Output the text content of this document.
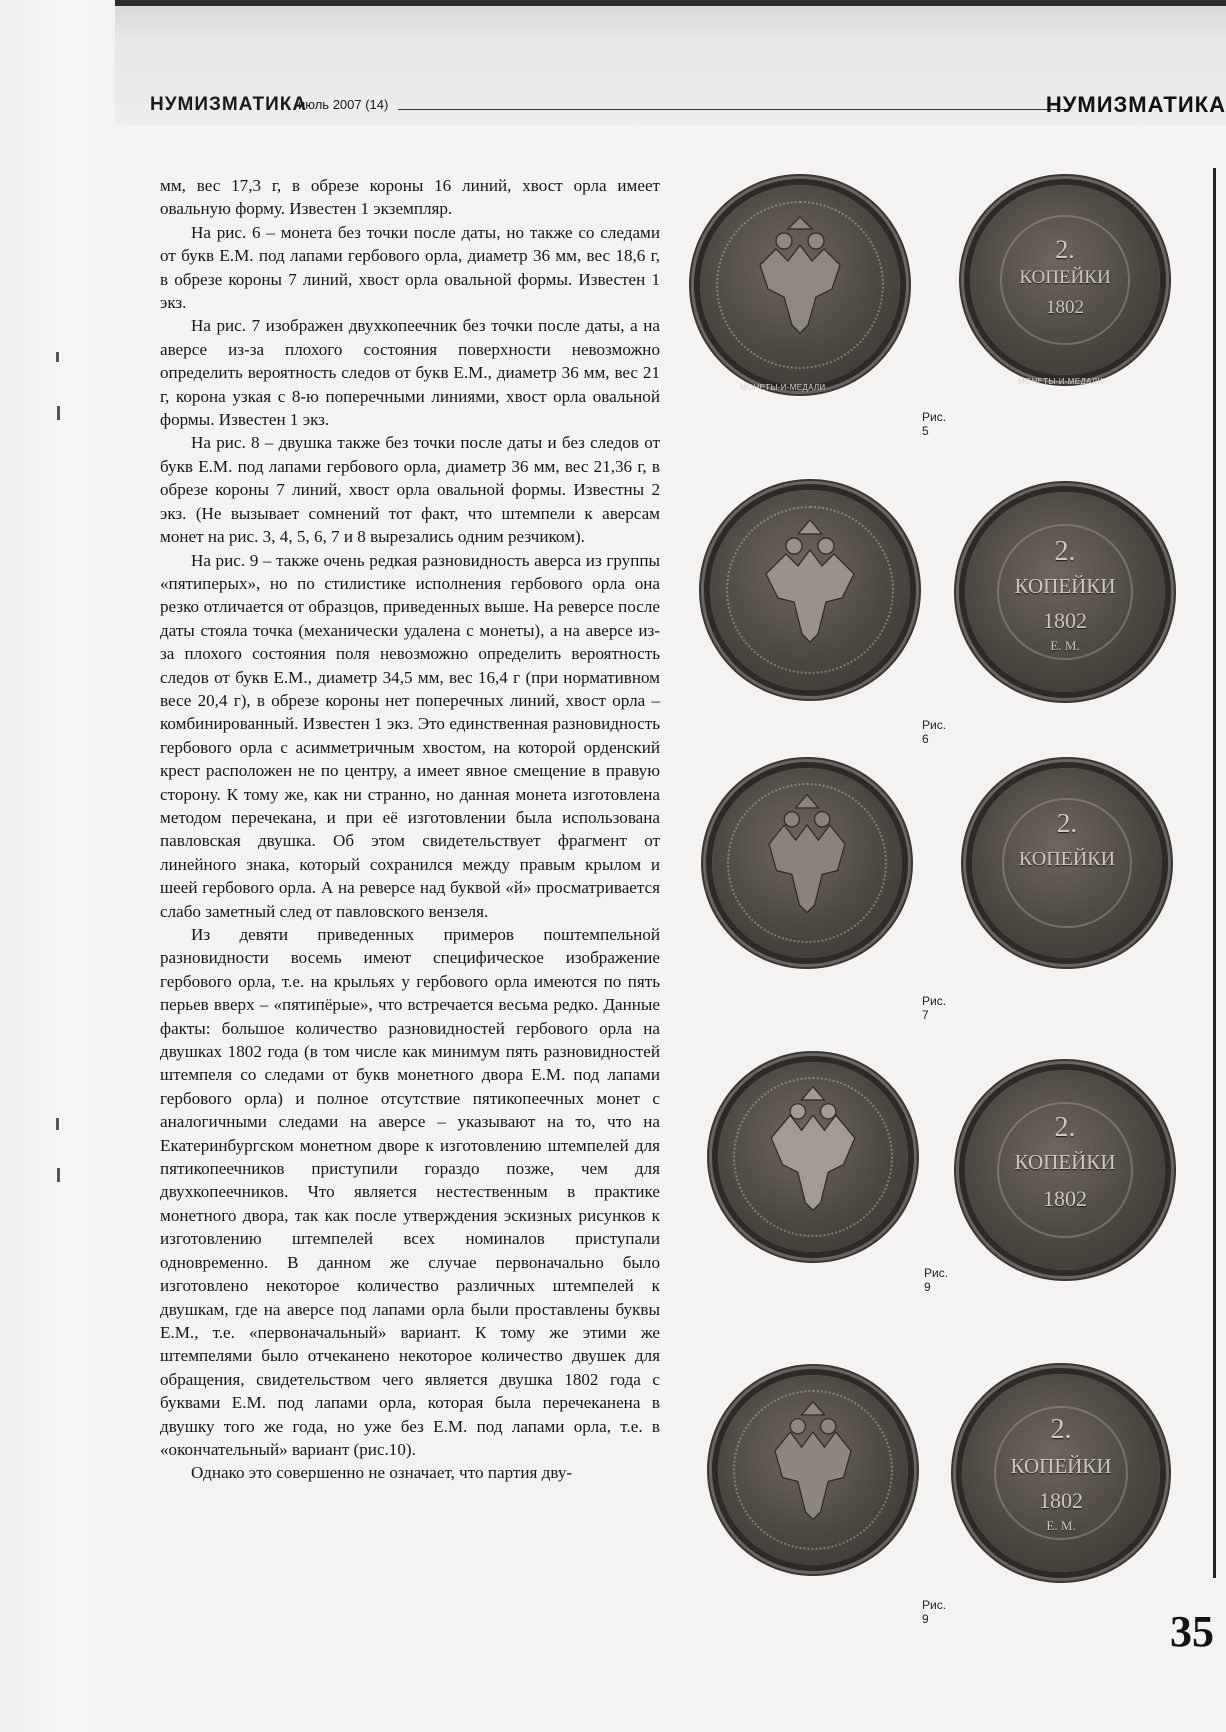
НУМИЗМАТИКА
июль 2007 (14)	НУМИЗМАТИКА

мм, вес 17,3 г, в обрезе короны 16 линий, хвост орла имеет овальную форму. Известен 1 экземпляр.

На рис. 6 – монета без точки после даты, но также со следами от букв Е.М. под лапами гербового орла, диаметр 36 мм, вес 18,6 г, в обрезе короны 7 линий, хвост орла овальной формы. Известен 1 экз.

На рис. 7 изображен двухкопеечник без точки после даты, а на аверсе из-за плохого состояния поверхности невозможно определить вероятность следов от букв Е.М., диаметр 36 мм, вес 21 г, корона узкая с 8-ю поперечными линиями, хвост орла овальной формы. Известен 1 экз.

На рис. 8 – двушка также без точки после даты и без следов от букв Е.М. под лапами гербового орла, диаметр 36 мм, вес 21,36 г, в обрезе короны 7 линий, хвост орла овальной формы. Известны 2 экз. (Не вызывает сомнений тот факт, что штемпели к аверсам монет на рис. 3, 4, 5, 6, 7 и 8 вырезались одним резчиком).

На рис. 9 – также очень редкая разновидность аверса из группы «пятиперых», но по стилистике исполнения гербового орла она резко отличается от образцов, приведенных выше. На реверсе после даты стояла точка (механически удалена с монеты), а на аверсе из-за плохого состояния поля невозможно определить вероятность следов от букв Е.М., диаметр 34,5 мм, вес 16,4 г (при нормативном весе 20,4 г), в обрезе короны нет поперечных линий, хвост орла – комбинированный. Известен 1 экз. Это единственная разновидность гербового орла с асимметричным хвостом, на которой орденский крест расположен не по центру, а имеет явное смещение в правую сторону. К тому же, как ни странно, но данная монета изготовлена методом перечекана, и при её изготовлении была использована павловская двушка. Об этом свидетельствует фрагмент от линейного знака, который сохранился между правым крылом и шеей гербового орла. А на реверсе над буквой «й» просматривается слабо заметный след от павловского вензеля.

Из девяти приведенных примеров поштемпельной разновидности восемь имеют специфическое изображение гербового орла, т.е. на крыльях у гербового орла имеются по пять перьев вверх – «пятипёрые», что встречается весьма редко. Данные факты: большое количество разновидностей гербового орла на двушках 1802 года (в том числе как минимум пять разновидностей штемпеля со следами от букв монетного двора Е.М. под лапами гербового орла) и полное отсутствие пятикопеечных монет с аналогичными следами на аверсе – указывают на то, что на Екатеринбургском монетном дворе к изготовлению штемпелей для пятикопеечников приступили гораздо позже, чем для двухкопеечников. Что является нестественным в практике монетного двора, так как после утверждения эскизных рисунков к изготовлению штемпелей всех номиналов приступали одновременно. В данном же случае первоначально было изготовлено некоторое количество различных штемпелей к двушкам, где на аверсе под лапами орла были проставлены буквы Е.М., т.е. «первоначальный» вариант. К тому же этими же штемпелями было отчеканено некоторое количество двушек для обращения, свидетельством чего является двушка 1802 года с буквами Е.М. под лапами орла, которая была перечеканена в двушку того же года, но уже без Е.М. под лапами орла, т.е. в «окончательный» вариант (рис.10).

Однако это совершенно не означает, что партия дву-

МОНЕТЫ-И-МЕДАЛИ
2.
КОПЕЙКИ
1802
МОНЕТЫ-И-МЕДАЛИ
Рис. 5
2.
КОПЕЙКИ
1802
Е. М.
Рис. 6
2.
КОПЕЙКИ
Рис. 7
2.
КОПЕЙКИ
1802
Рис. 9
2.
КОПЕЙКИ
1802
Е. М.
Рис. 9	35
